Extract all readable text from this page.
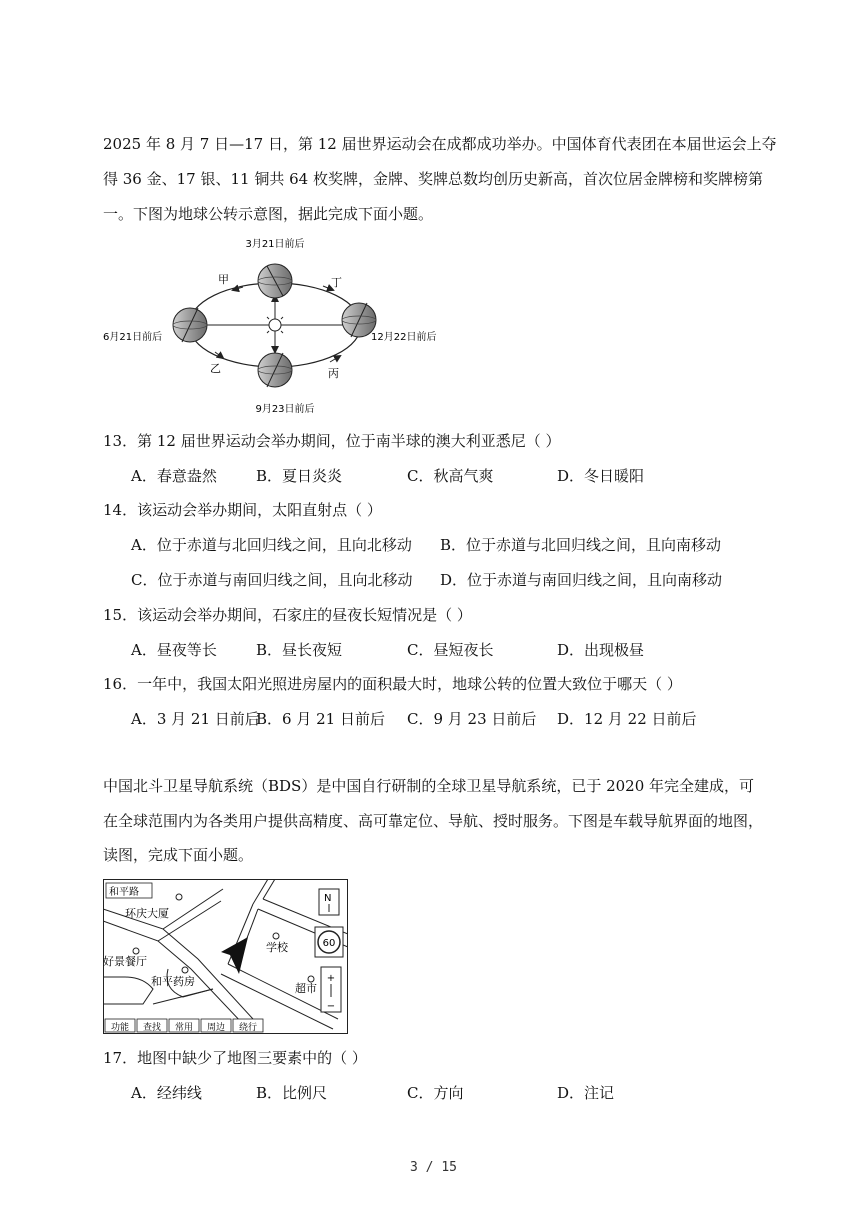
2025 年 8 月 7 日—17 日，第 12 届世界运动会在成都成功举办。中国体育代表团在本届世运会上夺
得 36 金、17 银、11 铜共 64 枚奖牌，金牌、奖牌总数均创历史新高，首次位居金牌榜和奖牌榜第
一。下图为地球公转示意图，据此完成下面小题。
3月21日前后
6月21日前后	12月22日前后
9月23日前后
甲	丁
乙	丙
13．第 12 届世界运动会举办期间，位于南半球的澳大利亚悉尼（ ）
A．春意盎然	B．夏日炎炎	C．秋高气爽	D．冬日暖阳
14．该运动会举办期间，太阳直射点（ ）
A．位于赤道与北回归线之间，且向北移动 B．位于赤道与北回归线之间，且向南移动
C．位于赤道与南回归线之间，且向北移动 D．位于赤道与南回归线之间，且向南移动
15．该运动会举办期间，石家庄的昼夜长短情况是（ ）
A．昼夜等长	B．昼长夜短	C．昼短夜长	D．出现极昼
16．一年中，我国太阳光照进房屋内的面积最大时，地球公转的位置大致位于哪天（ ）
A．3 月 21 日前后
B．6 月 21 日前后 C．9 月 23 日前后 D．12 月 22 日前后
中国北斗卫星导航系统（BDS）是中国自行研制的全球卫星导航系统，已于 2020 年完全建成，可
在全球范围内为各类用户提供高精度、高可靠定位、导航、授时服务。下图是车载导航界面的地图，
读图，完成下面小题。
和平路
环庆大厦
好景餐厅
和平药房
学校
超市
N
60
+
−
功能 查找 常用 周边 绕行
17．地图中缺少了地图三要素中的（ ）
A．经纬线	B．比例尺	C．方向	D．注记
3 / 15
